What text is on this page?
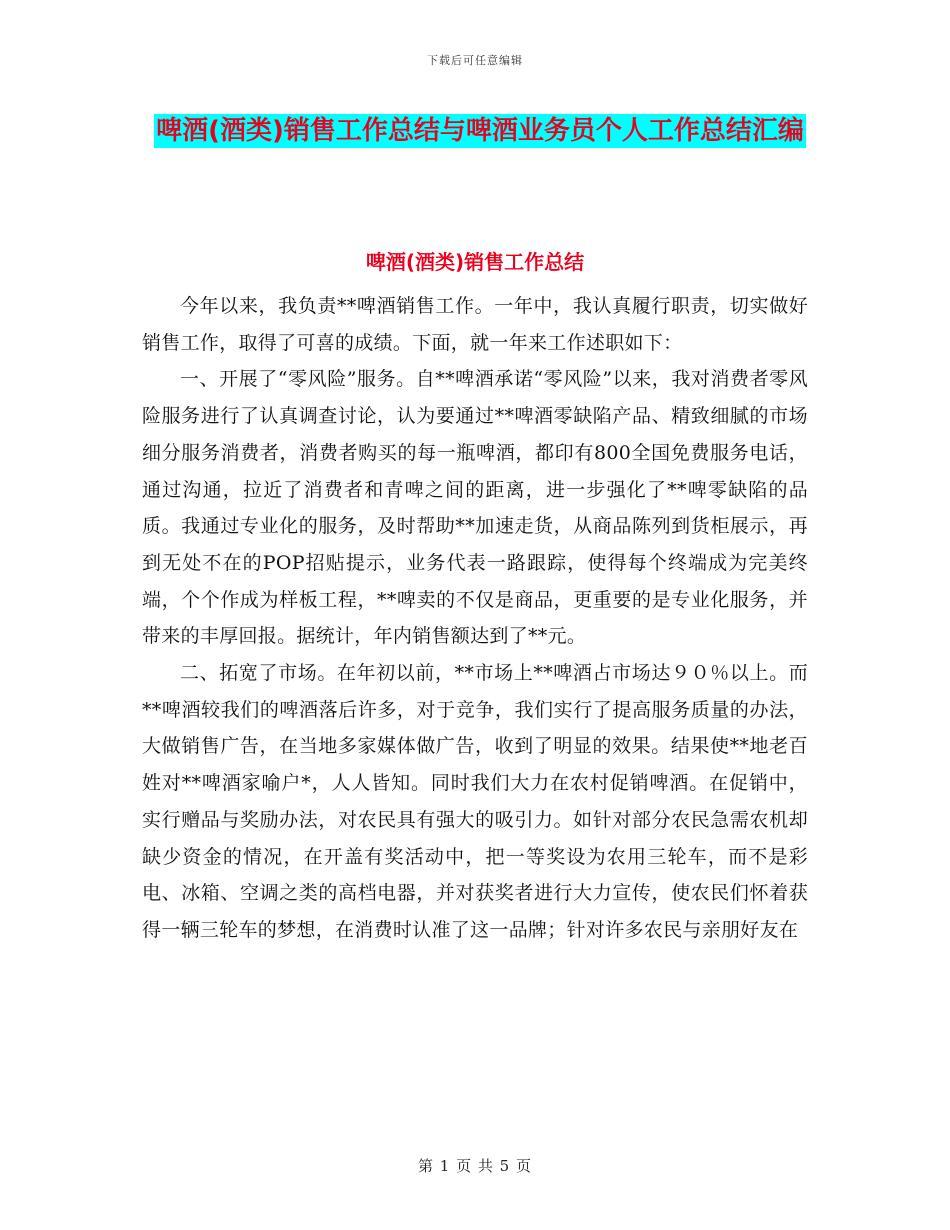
下载后可任意编辑
啤酒(酒类)销售工作总结与啤酒业务员个人工作总结汇编
啤酒(酒类)销售工作总结

今年以来，我负责**啤酒销售工作。一年中，我认真履行职责，切实做好销售工作，取得了可喜的成绩。下面，就一年来工作述职如下：

一、开展了“零风险”服务。自**啤酒承诺“零风险”以来，我对消费者零风险服务进行了认真调查讨论，认为要通过**啤酒零缺陷产品、精致细腻的市场细分服务消费者，消费者购买的每一瓶啤酒，都印有800全国免费服务电话，通过沟通，拉近了消费者和青啤之间的距离，进一步强化了**啤零缺陷的品质。我通过专业化的服务，及时帮助**加速走货，从商品陈列到货柜展示，再到无处不在的POP招贴提示，业务代表一路跟踪，使得每个终端成为完美终端，个个作成为样板工程，**啤卖的不仅是商品，更重要的是专业化服务，并带来的丰厚回报。据统计，年内销售额达到了**元。

二、拓宽了市场。在年初以前，**市场上**啤酒占市场达９０％以上。而**啤酒较我们的啤酒落后许多，对于竞争，我们实行了提高服务质量的办法，大做销售广告，在当地多家媒体做广告，收到了明显的效果。结果使**地老百姓对**啤酒家喻户*，人人皆知。同时我们大力在农村促销啤酒。在促销中，实行赠品与奖励办法，对农民具有强大的吸引力。如针对部分农民急需农机却缺少资金的情况，在开盖有奖活动中，把一等奖设为农用三轮车，而不是彩电、冰箱、空调之类的高档电器，并对获奖者进行大力宣传，使农民们怀着获得一辆三轮车的梦想，在消费时认准了这一品牌；针对许多农民与亲朋好友在

第 1 页 共 5 页
